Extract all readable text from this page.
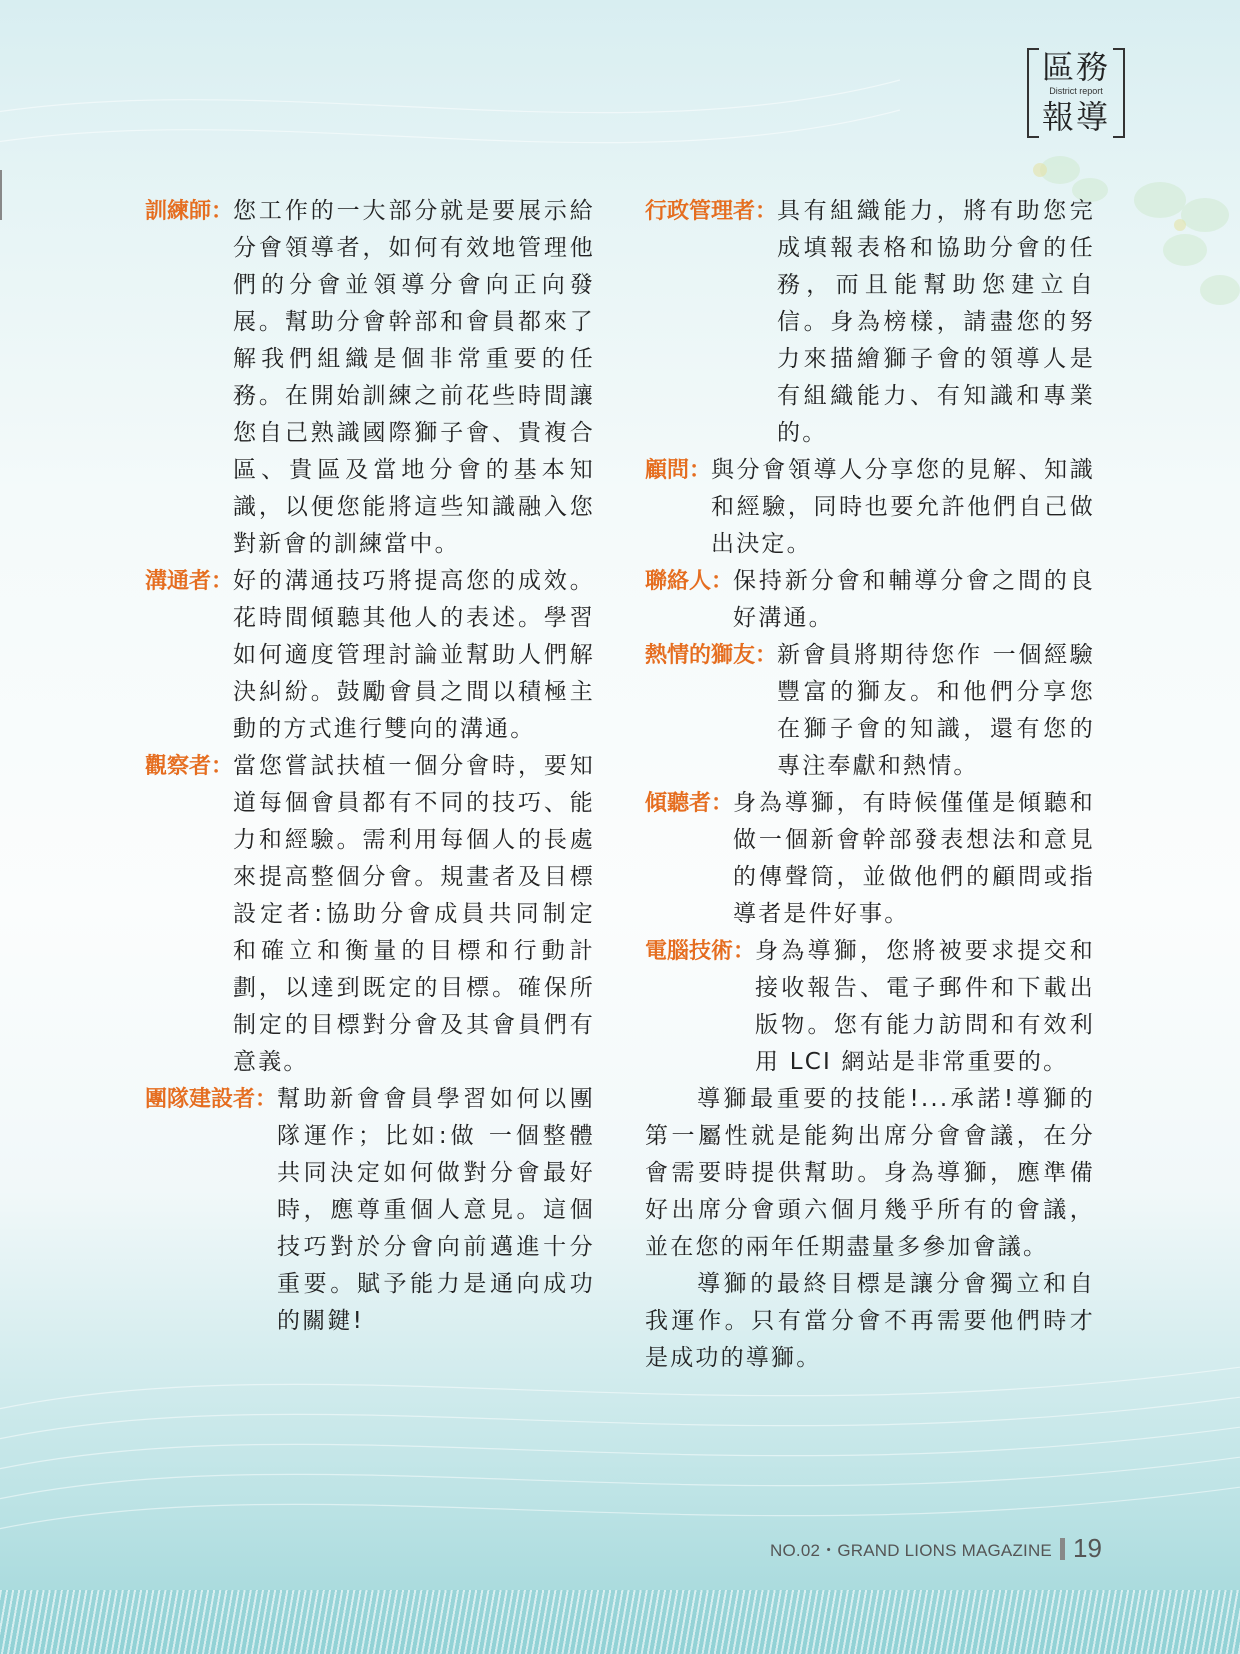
區務
District report
報導
訓練師： 您工作的一大部分就是要展示給分會領導者，如何有效地管理他們的分會並領導分會向正向發展。幫助分會幹部和會員都來了解我們組織是個非常重要的任務。在開始訓練之前花些時間讓您自己熟識國際獅子會、貴複合區、貴區及當地分會的基本知識，以便您能將這些知識融入您對新會的訓練當中。
溝通者： 好的溝通技巧將提高您的成效。花時間傾聽其他人的表述。學習如何適度管理討論並幫助人們解決糾紛。鼓勵會員之間以積極主動的方式進行雙向的溝通。
觀察者： 當您嘗試扶植一個分會時，要知道每個會員都有不同的技巧、能力和經驗。需利用每個人的長處來提高整個分會。規畫者及目標設定者:協助分會成員共同制定和確立和衡量的目標和行動計劃，以達到既定的目標。確保所制定的目標對分會及其會員們有意義。
團隊建設者： 幫助新會會員學習如何以團隊運作；比如:做 一個整體共同決定如何做對分會最好時，應尊重個人意見。這個技巧對於分會向前邁進十分重要。賦予能力是通向成功的關鍵!
行政管理者： 具有組織能力，將有助您完成填報表格和協助分會的任務，而且能幫助您建立自信。身為榜樣，請盡您的努力來描繪獅子會的領導人是有組織能力、有知識和專業的。
顧問： 與分會領導人分享您的見解、知識和經驗，同時也要允許他們自己做出決定。
聯絡人： 保持新分會和輔導分會之間的良好溝通。
熱情的獅友： 新會員將期待您作 一個經驗豐富的獅友。和他們分享您在獅子會的知識，還有您的專注奉獻和熱情。
傾聽者： 身為導獅，有時候僅僅是傾聽和做一個新會幹部發表想法和意見的傳聲筒，並做他們的顧問或指導者是件好事。
電腦技術： 身為導獅，您將被要求提交和接收報告、電子郵件和下載出版物。您有能力訪問和有效利用 LCI 網站是非常重要的。

導獅最重要的技能!...承諾!導獅的第一屬性就是能夠出席分會會議，在分會需要時提供幫助。身為導獅，應準備好出席分會頭六個月幾乎所有的會議，並在您的兩年任期盡量多參加會議。

導獅的最終目標是讓分會獨立和自我運作。只有當分會不再需要他們時才是成功的導獅。

NO.02・GRAND LIONS MAGAZINE 19
